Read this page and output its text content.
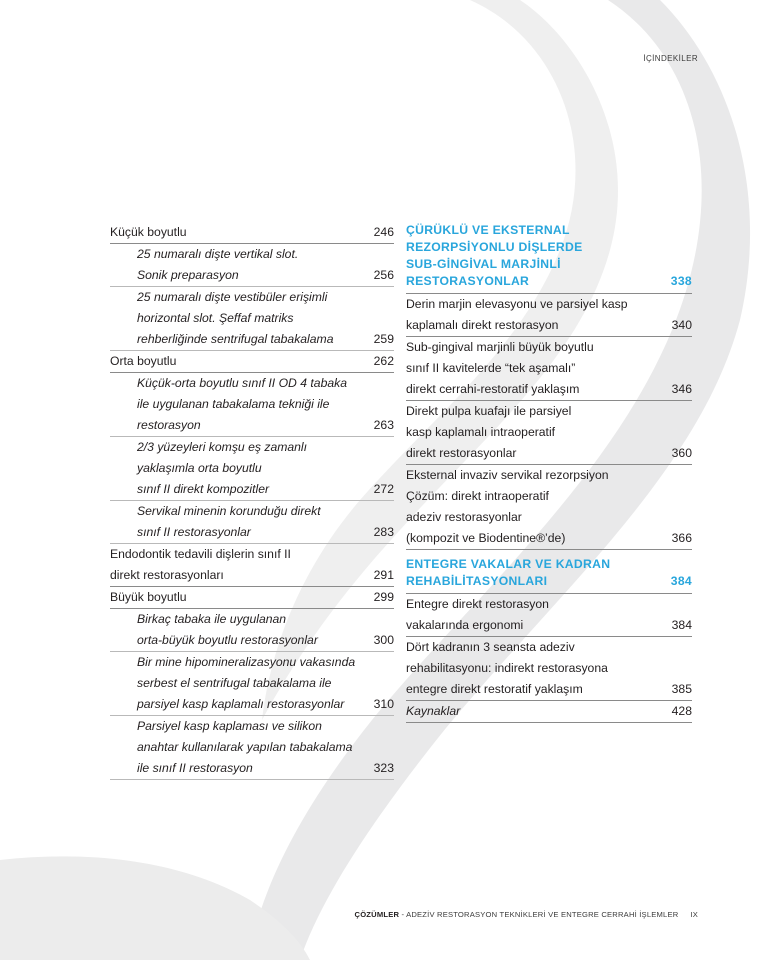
İÇİNDEKİLER
Küçük boyutlu	246
25 numaralı dişte vertikal slot.
Sonik preparasyon	256
25 numaralı dişte vestibüler erişimli
horizontal slot. Şeffaf matriks
rehberliğinde sentrifugal tabakalama	259
Orta boyutlu	262
Küçük-orta boyutlu sınıf II OD 4 tabaka
ile uygulanan tabakalama tekniği ile
restorasyon	263
2/3 yüzeyleri komşu eş zamanlı
yaklaşımla orta boyutlu
sınıf II direkt kompozitler	272
Servikal minenin korunduğu direkt
sınıf II restorasyonlar	283
Endodontik tedavili dişlerin sınıf II
direkt restorasyonları	291
Büyük boyutlu	299
Birkaç tabaka ile uygulanan
orta-büyük boyutlu restorasyonlar	300
Bir mine hipomineralizasyonu vakasında
serbest el sentrifugal tabakalama ile
parsiyel kasp kaplamalı restorasyonlar	310
Parsiyel kasp kaplaması ve silikon
anahtar kullanılarak yapılan tabakalama
ile sınıf II restorasyon	323
ÇÜRÜKLÜ VE EKSTERNAL
REZORPSİYONLU DİŞLERDE
SUB-GİNGİVAL MARJİNLİ
RESTORASYONLAR	338
Derin marjin elevasyonu ve parsiyel kasp
kaplamalı direkt restorasyon	340
Sub-gingival marjinli büyük boyutlu
sınıf II kavitelerde “tek aşamalı”
direkt cerrahi-restoratif yaklaşım	346
Direkt pulpa kuafajı ile parsiyel
kasp kaplamalı intraoperatif
direkt restorasyonlar	360
Eksternal invaziv servikal rezorpsiyon
Çözüm: direkt intraoperatif
adeziv restorasyonlar
(kompozit ve Biodentine®’de)	366
ENTEGRE VAKALAR VE KADRAN
REHABİLİTASYONLARI	384
Entegre direkt restorasyon
vakalarında ergonomi	384
Dört kadranın 3 seansta adeziv
rehabilitasyonu: indirekt restorasyona
entegre direkt restoratif yaklaşım	385
Kaynaklar	428
ÇÖZÜMLER - ADEZİV RESTORASYON TEKNİKLERİ VE ENTEGRE CERRAHİ İŞLEMLER IX
